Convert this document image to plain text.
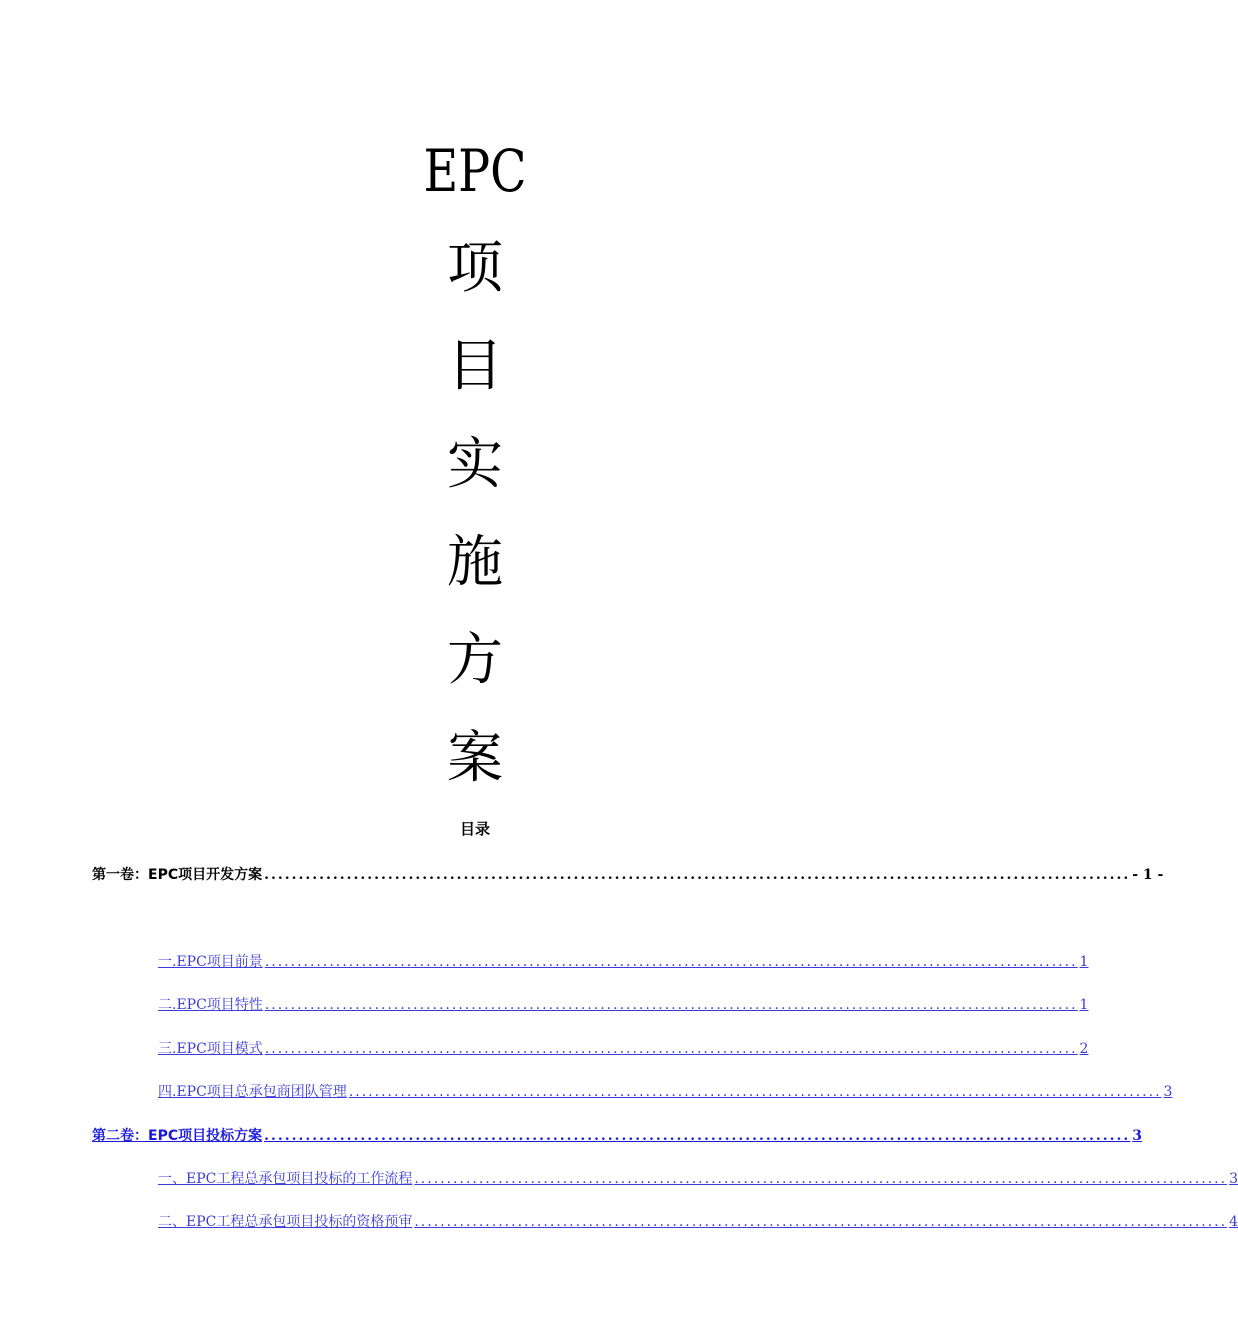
EPC
项
目
实
施
方
案
目录
第一卷：EPC项目开发方案 .............................................................................................................................. - 1 -
一.EPC项目前景 .............................................................................................................................. 1
二.EPC项目特性 .............................................................................................................................. 1
三.EPC项目模式 .............................................................................................................................. 2
四.EPC项目总承包商团队管理 .............................................................................................................................. 3
第二卷：EPC项目投标方案 .............................................................................................................................. 3
一、EPC工程总承包项目投标的工作流程 .............................................................................................................................. 3
二、EPC工程总承包项目投标的资格预审 .............................................................................................................................. 4
